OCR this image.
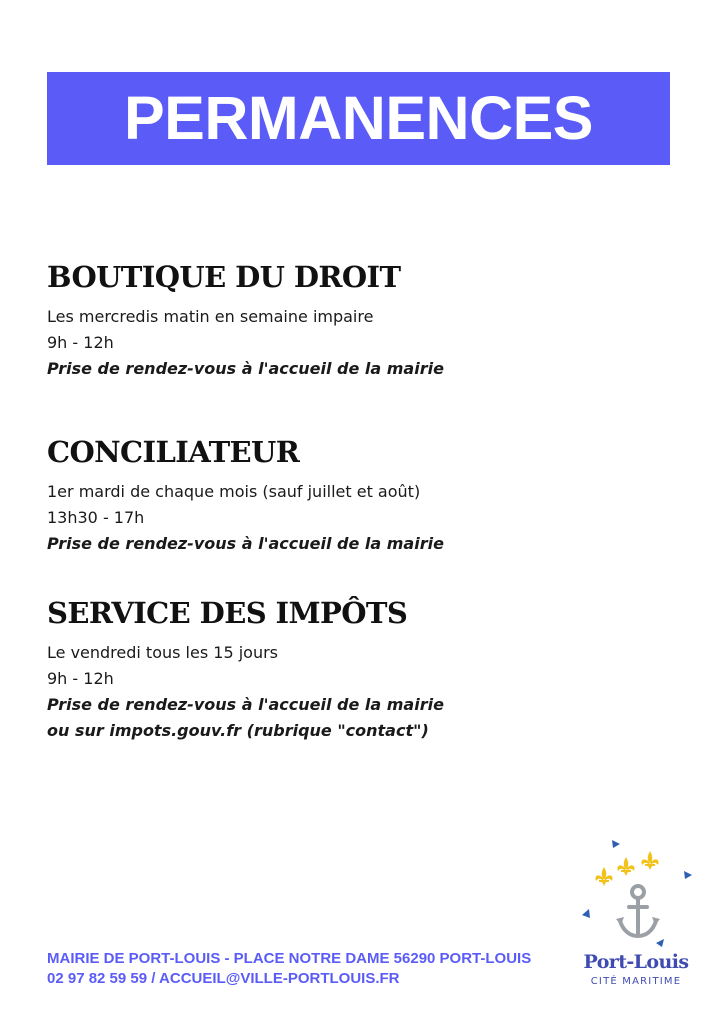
PERMANENCES
BOUTIQUE DU DROIT
Les mercredis matin en semaine impaire
9h - 12h
Prise de rendez-vous à l'accueil de la mairie
CONCILIATEUR
1er mardi de chaque mois (sauf juillet et août)
13h30 - 17h
Prise de rendez-vous à l'accueil de la mairie
SERVICE DES IMPÔTS
Le vendredi tous les 15 jours
9h - 12h
Prise de rendez-vous à l'accueil de la mairie
ou sur impots.gouv.fr (rubrique "contact")
MAIRIE DE PORT-LOUIS - PLACE NOTRE DAME 56290 PORT-LOUIS
02 97 82 59 59 / ACCUEIL@VILLE-PORTLOUIS.FR
Port-Louis
CITÉ MARITIME
